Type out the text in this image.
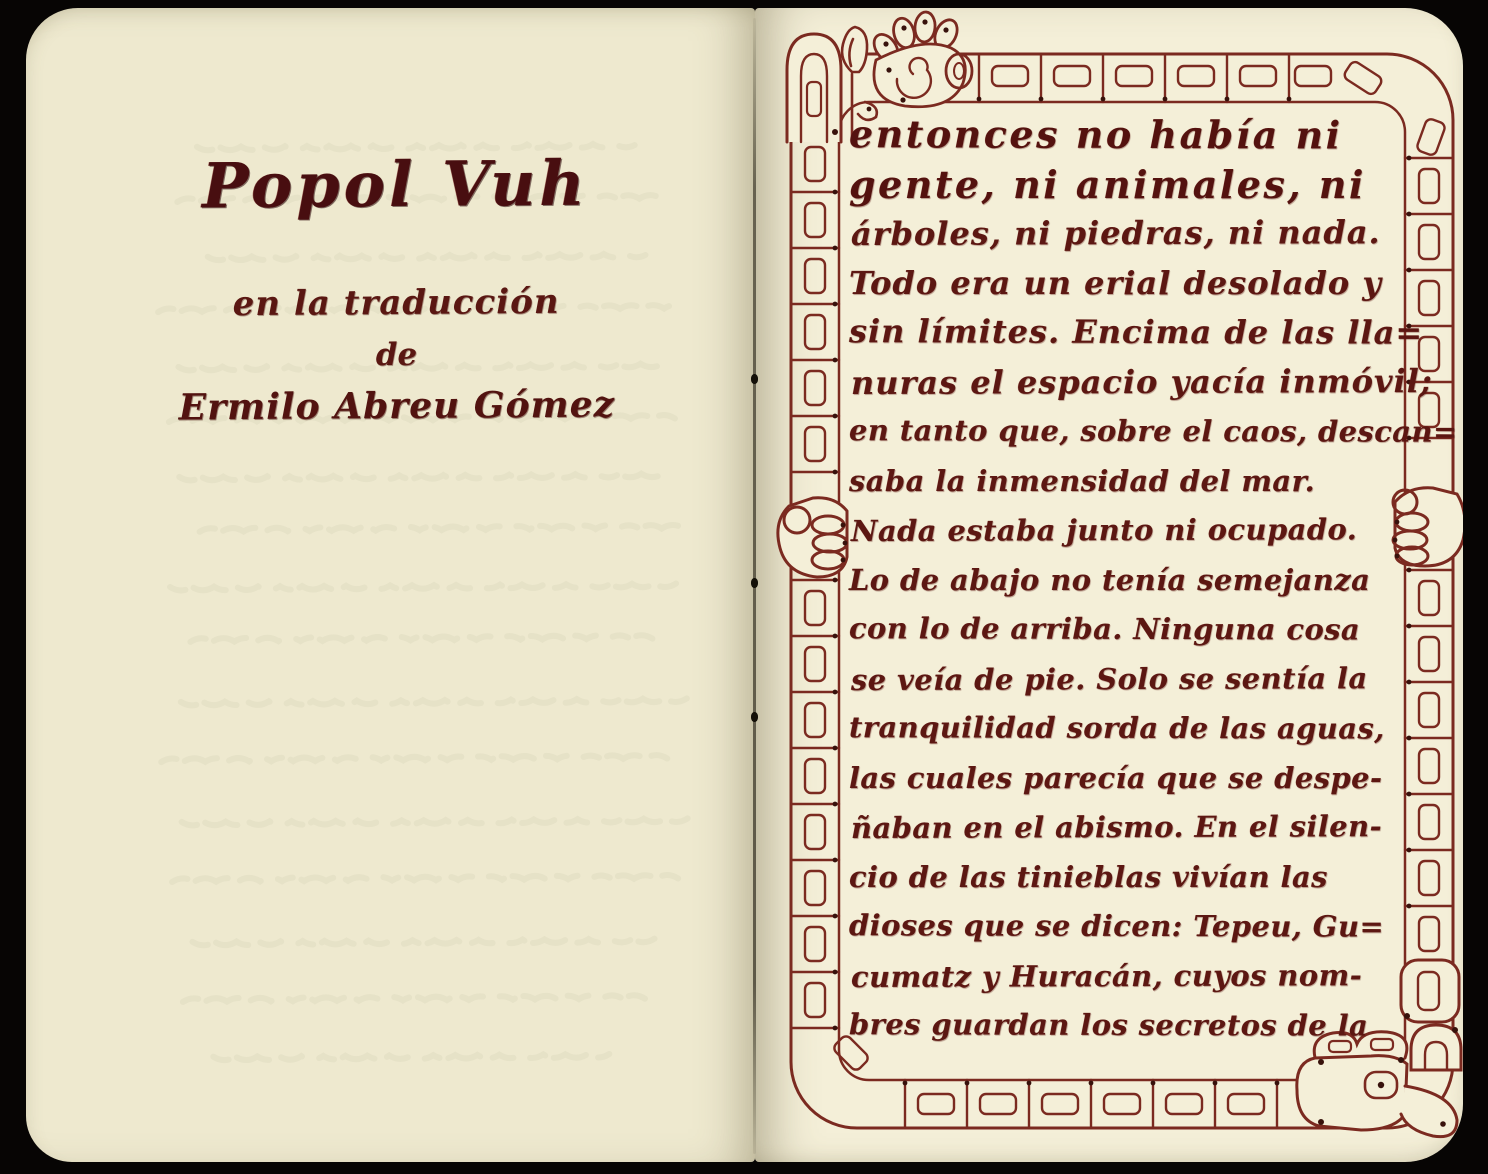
Popol Vuh
en la traducción
de
Ermilo Abreu Gómez
entonces no había ni
gente, ni animales, ni
árboles, ni piedras, ni nada.
Todo era un erial desolado y
sin límites. Encima de las lla=
nuras el espacio yacía inmóvil;
en tanto que, sobre el caos, descan=
saba la inmensidad del mar.
Nada estaba junto ni ocupado.
Lo de abajo no tenía semejanza
con lo de arriba. Ninguna cosa
se veía de pie. Solo se sentía la
tranquilidad sorda de las aguas,
las cuales parecía que se despe-
ñaban en el abismo. En el silen-
cio de las tinieblas vivían las
dioses que se dicen: Tepeu, Gu=
cumatz y Huracán, cuyos nom-
bres guardan los secretos de la
